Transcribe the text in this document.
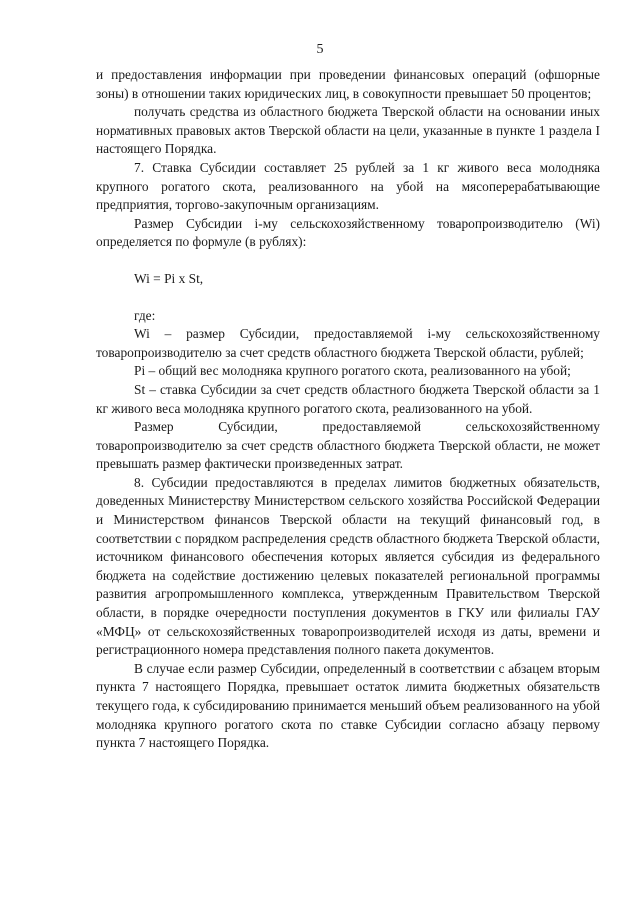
5

и предоставления информации при проведении финансовых операций (офшорные зоны) в отношении таких юридических лиц, в совокупности превышает 50 процентов;

получать средства из областного бюджета Тверской области на основании иных нормативных правовых актов Тверской области на цели, указанные в пункте 1 раздела I настоящего Порядка.

7. Ставка Субсидии составляет 25 рублей за 1 кг живого веса молодняка крупного рогатого скота, реализованного на убой на мясоперерабатывающие предприятия, торгово-закупочным организациям.

Размер Субсидии i-му сельскохозяйственному товаропроизводителю (Wi) определяется по формуле (в рублях):

Wi = Pi x St,

где:

Wi – размер Субсидии, предоставляемой i-му сельскохозяйственному товаропроизводителю за счет средств областного бюджета Тверской области, рублей;

Pi – общий вес молодняка крупного рогатого скота, реализованного на убой;

St – ставка Субсидии за счет средств областного бюджета Тверской области за 1 кг живого веса молодняка крупного рогатого скота, реализованного на убой.

Размер Субсидии, предоставляемой сельскохозяйственному товаропроизводителю за счет средств областного бюджета Тверской области, не может превышать размер фактически произведенных затрат.

8. Субсидии предоставляются в пределах лимитов бюджетных обязательств, доведенных Министерству Министерством сельского хозяйства Российской Федерации и Министерством финансов Тверской области на текущий финансовый год, в соответствии с порядком распределения средств областного бюджета Тверской области, источником финансового обеспечения которых является субсидия из федерального бюджета на содействие достижению целевых показателей региональной программы развития агропромышленного комплекса, утвержденным Правительством Тверской области, в порядке очередности поступления документов в ГКУ или филиалы ГАУ «МФЦ» от сельскохозяйственных товаропроизводителей исходя из даты, времени и регистрационного номера представления полного пакета документов.

В случае если размер Субсидии, определенный в соответствии с абзацем вторым пункта 7 настоящего Порядка, превышает остаток лимита бюджетных обязательств текущего года, к субсидированию принимается меньший объем реализованного на убой молодняка крупного рогатого скота по ставке Субсидии согласно абзацу первому пункта 7 настоящего Порядка.
